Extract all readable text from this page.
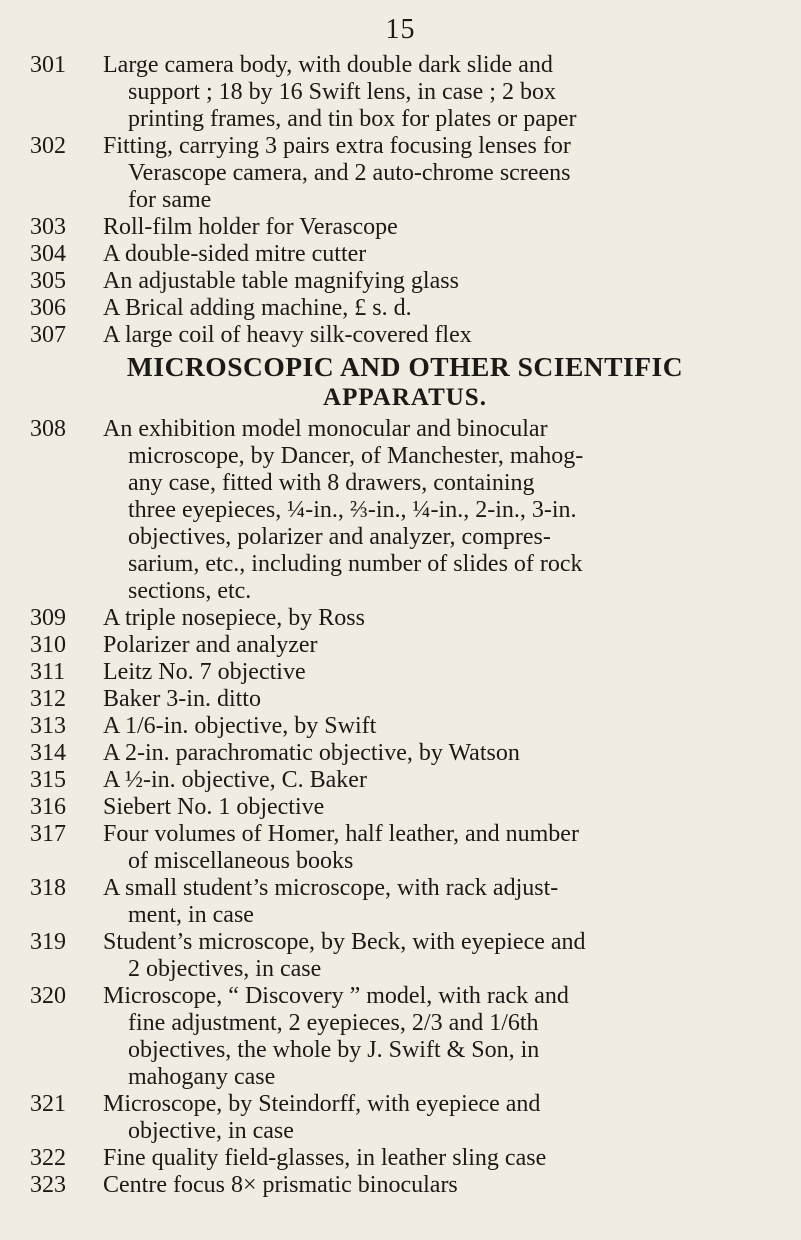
15
301	Large camera body, with double dark slide and
support ; 18 by 16 Swift lens, in case ; 2 box
printing frames, and tin box for plates or paper
302	Fitting, carrying 3 pairs extra focusing lenses for
Verascope camera, and 2 auto-chrome screens
for same
303	Roll-film holder for Verascope
304	A double-sided mitre cutter
305	An adjustable table magnifying glass
306	A Brical adding machine, £ s. d.
307	A large coil of heavy silk-covered flex
MICROSCOPIC AND OTHER SCIENTIFIC
APPARATUS.
308	An exhibition model monocular and binocular
microscope, by Dancer, of Manchester, mahog-
any case, fitted with 8 drawers, containing
three eyepieces, ¼-in., ⅔-in., ¼-in., 2-in., 3-in.
objectives, polarizer and analyzer, compres-
sarium, etc., including number of slides of rock
sections, etc.
309	A triple nosepiece, by Ross
310	Polarizer and analyzer
311	Leitz No. 7 objective
312	Baker 3-in. ditto
313	A 1/6-in. objective, by Swift
314	A 2-in. parachromatic objective, by Watson
315	A ½-in. objective, C. Baker
316	Siebert No. 1 objective
317	Four volumes of Homer, half leather, and number
of miscellaneous books
318	A small student’s microscope, with rack adjust-
ment, in case
319	Student’s microscope, by Beck, with eyepiece and
2 objectives, in case
320	Microscope, “ Discovery ” model, with rack and
fine adjustment, 2 eyepieces, 2/3 and 1/6th
objectives, the whole by J. Swift & Son, in
mahogany case
321	Microscope, by Steindorff, with eyepiece and
objective, in case
322	Fine quality field-glasses, in leather sling case
323	Centre focus 8× prismatic binoculars
